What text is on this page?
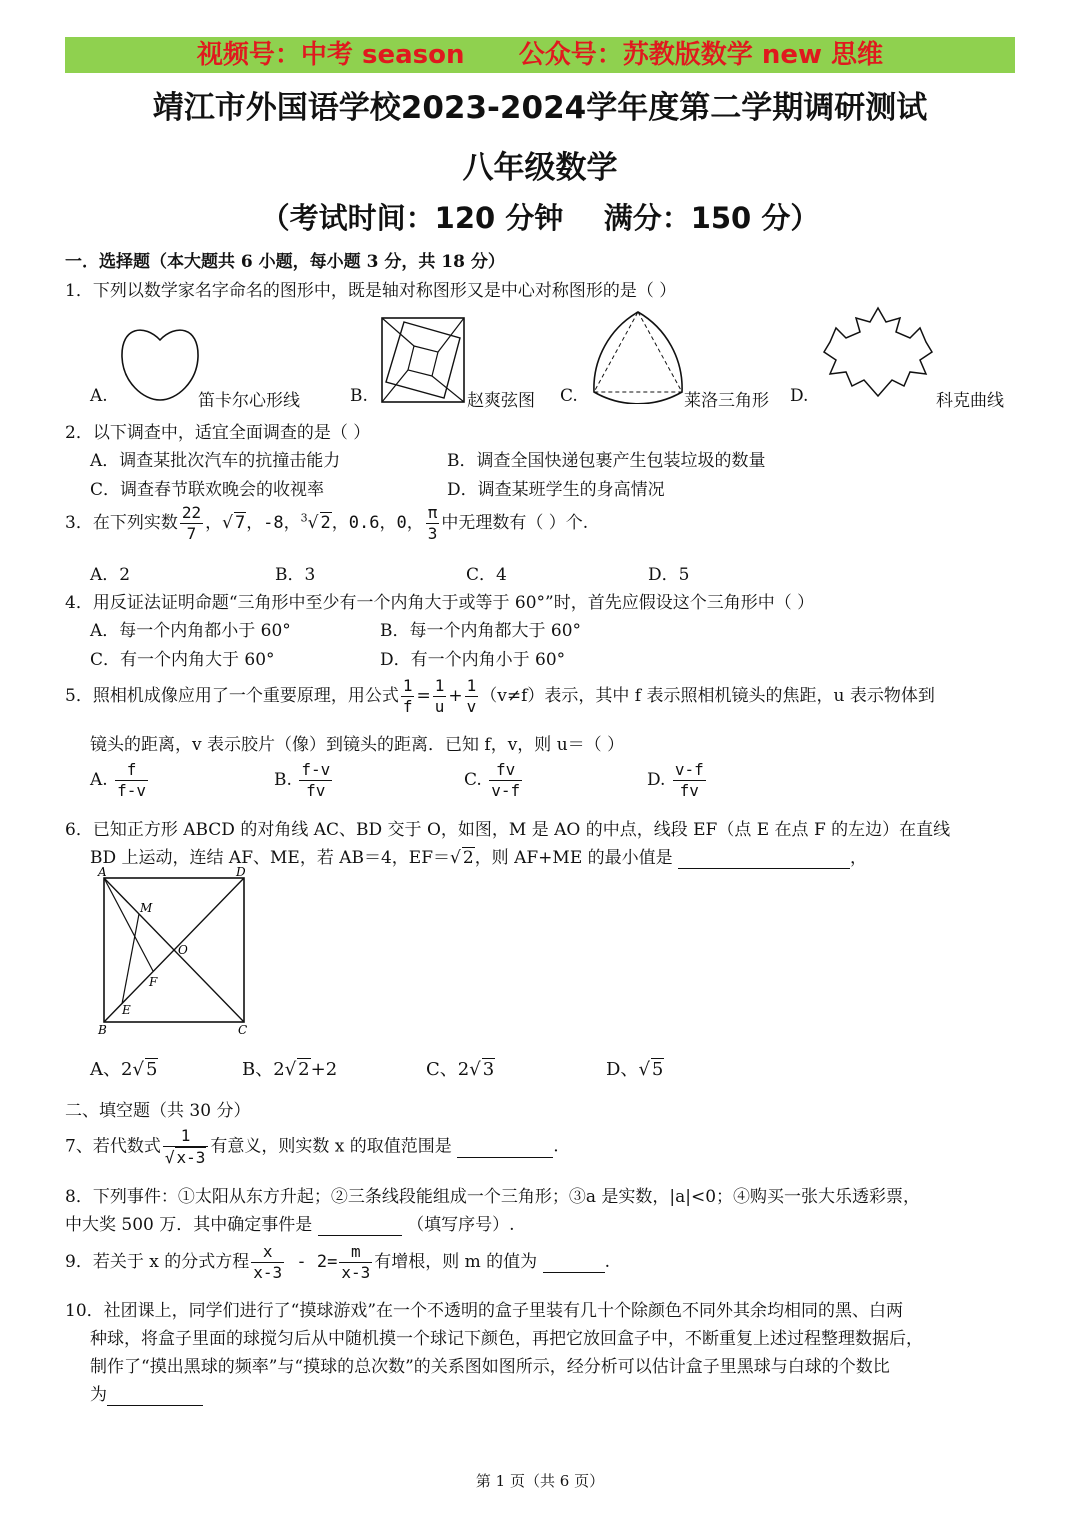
视频号：中考 season      公众号：苏教版数学 new 思维
靖江市外国语学校2023-2024学年度第二学期调研测试
八年级数学
（考试时间：120 分钟    满分：150 分）
一．选择题（本大题共 6 小题，每小题 3 分，共 18 分）
1．下列以数学家名字命名的图形中，既是轴对称图形又是中心对称图形的是（ ）
A.	笛卡尔心形线	B.	赵爽弦图 C.	莱洛三角形 D.	科克曲线
2．以下调查中，适宜全面调查的是（ ）
A．调查某批次汽车的抗撞击能力	B．调查全国快递包裹产生包装垃圾的数量
C．调查春节联欢晚会的收视率	D．调查某班学生的身高情况
3．在下列实数 $\frac{22}{7}$ ，√ 7，-8，$^3$√ 2，0.6，0， $\frac{\pi}{3}$ 中无理数有（ ）个.
A．2	B．3	C．4	D．5
4．用反证法证明命题“三角形中至少有一个内角大于或等于 60°”时，首先应假设这个三角形中（ ）
A．每一个内角都小于 60°	B．每一个内角都大于 60°
C．有一个内角大于 60°	D．有一个内角小于 60°
5．照相机成像应用了一个重要原理，用公式 $\frac{1}{f} = \frac{1}{u} + \frac{1}{v} (v\ne f)$表示，其中 f 表示照相机镜头的焦距，u 表示物体到
镜头的距离，v 表示胶片（像）到镜头的距离．已知 f，v，则 u＝（ ）
A. $\frac{f}{f-v}$	B. $\frac{f-v}{fv}$	C. $\frac{fv}{v-f}$	D. $\frac{v-f}{fv}$
6．已知正方形 ABCD 的对角线 AC、BD 交于 O，如图，M 是 AO 的中点，线段 EF（点 E 在点 F 的左边）在直线
BD 上运动，连结 AF、ME，若 AB＝4，EF＝√ 2，则 AF+ME 的最小值是	，
A	D
M
O
F
E
B	C
A、2√ 5	B、2√ 2+2	C、2√ 3	D、√ 5
二、填空题（共 30 分）
7、若代数式 $\frac{1}{√ x-3}$ 有意义，则实数 x 的取值范围是	.
8．下列事件：①太阳从东方升起；②三条线段能组成一个三角形；③a 是实数，|a|<0；④购买一张大乐透彩票，
中大奖 500 万．其中确定事件是	（填写序号）.
9．若关于 x 的分式方程 $\frac{x}{x-3} - 2= \frac{m}{x-3}$ 有增根，则 m 的值为	.
10．社团课上，同学们进行了“摸球游戏”在一个不透明的盒子里装有几十个除颜色不同外其余均相同的黑、白两
种球，将盒子里面的球搅匀后从中随机摸一个球记下颜色，再把它放回盒子中，不断重复上述过程整理数据后，
制作了“摸出黑球的频率”与“摸球的总次数”的关系图如图所示，经分析可以估计盒子里黑球与白球的个数比
为
第 1 页（共 6 页）
